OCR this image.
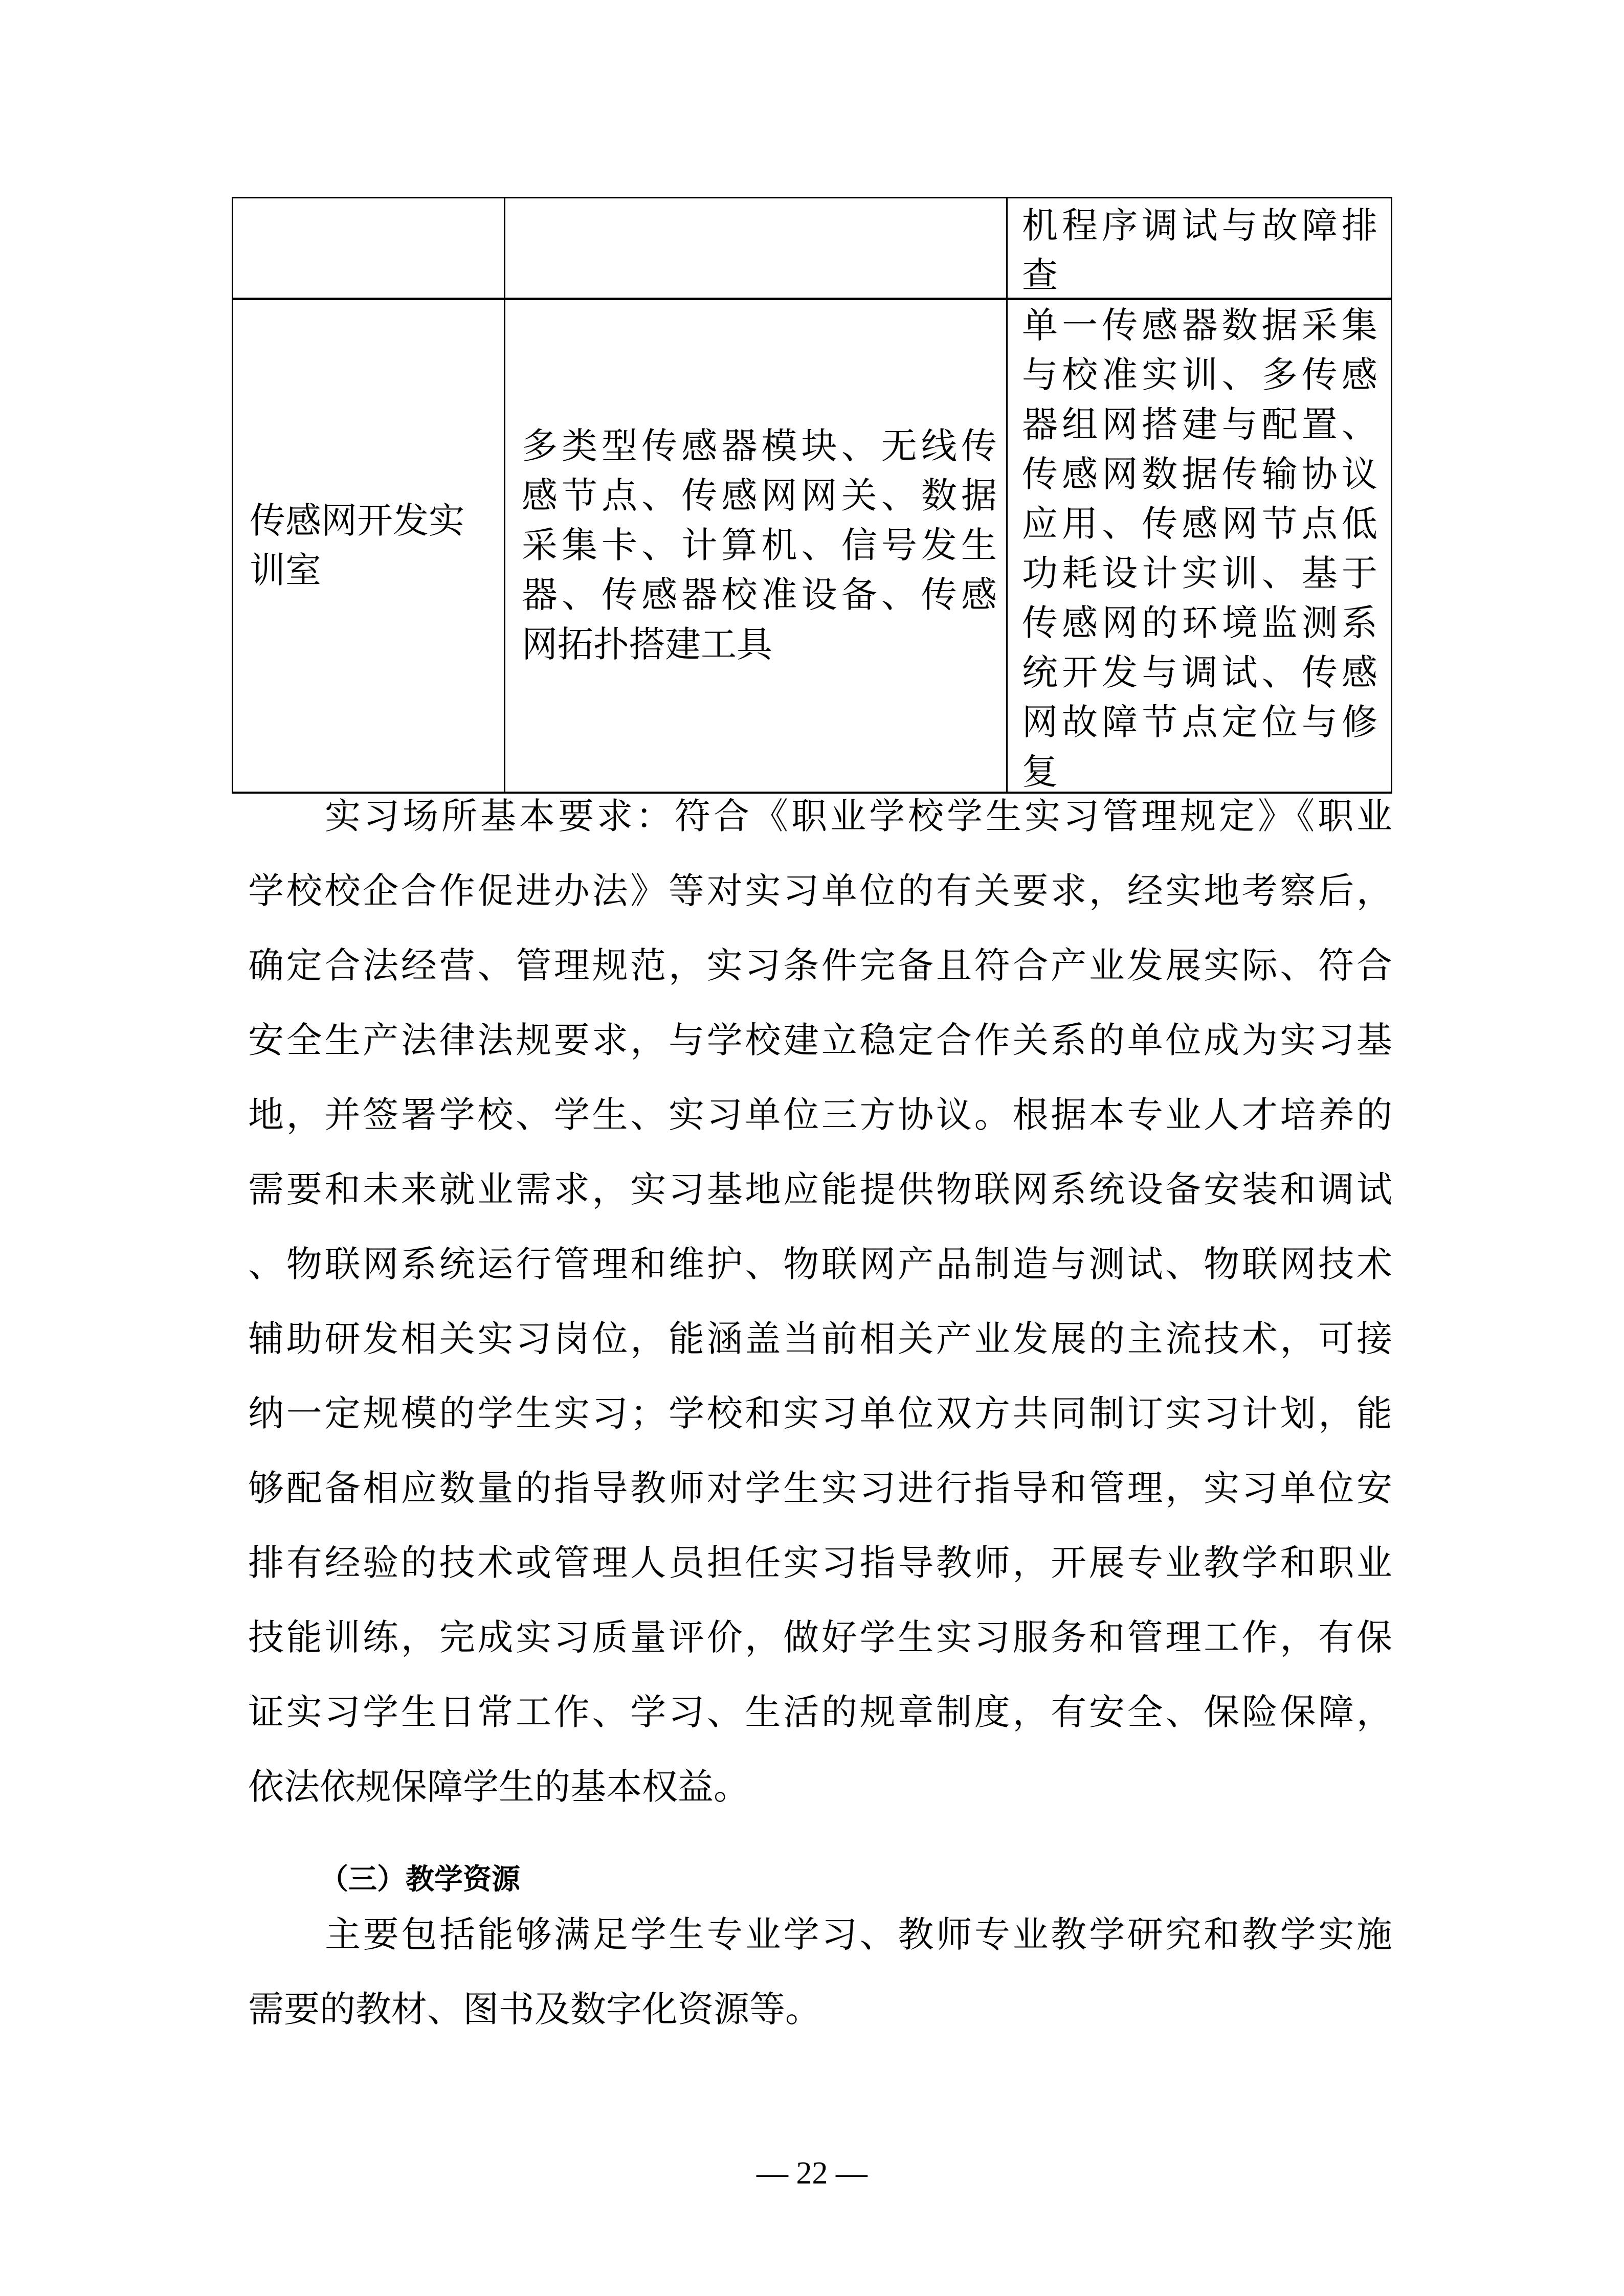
机程序调试与故障排
查
传感网开发实
训室
多类型传感器模块、无线传
感节点、传感网网关、数据
采集卡、计算机、信号发生
器、传感器校准设备、传感
网拓扑搭建工具
单一传感器数据采集
与校准实训、多传感
器组网搭建与配置、
传感网数据传输协议
应用、传感网节点低
功耗设计实训、基于
传感网的环境监测系
统开发与调试、传感
网故障节点定位与修
复
实习场所基本要求：符合《职业学校学生实习管理规定》《职业
学校校企合作促进办法》等对实习单位的有关要求，经实地考察后，
确定合法经营、管理规范，实习条件完备且符合产业发展实际、符合
安全生产法律法规要求，与学校建立稳定合作关系的单位成为实习基
地，并签署学校、学生、实习单位三方协议。根据本专业人才培养的
需要和未来就业需求，实习基地应能提供物联网系统设备安装和调试
、物联网系统运行管理和维护、物联网产品制造与测试、物联网技术
辅助研发相关实习岗位，能涵盖当前相关产业发展的主流技术，可接
纳一定规模的学生实习；学校和实习单位双方共同制订实习计划，能
够配备相应数量的指导教师对学生实习进行指导和管理，实习单位安
排有经验的技术或管理人员担任实习指导教师，开展专业教学和职业
技能训练，完成实习质量评价，做好学生实习服务和管理工作，有保
证实习学生日常工作、学习、生活的规章制度，有安全、保险保障，
依法依规保障学生的基本权益。
（三）教学资源
主要包括能够满足学生专业学习、教师专业教学研究和教学实施
需要的教材、图书及数字化资源等。
— 22 —
